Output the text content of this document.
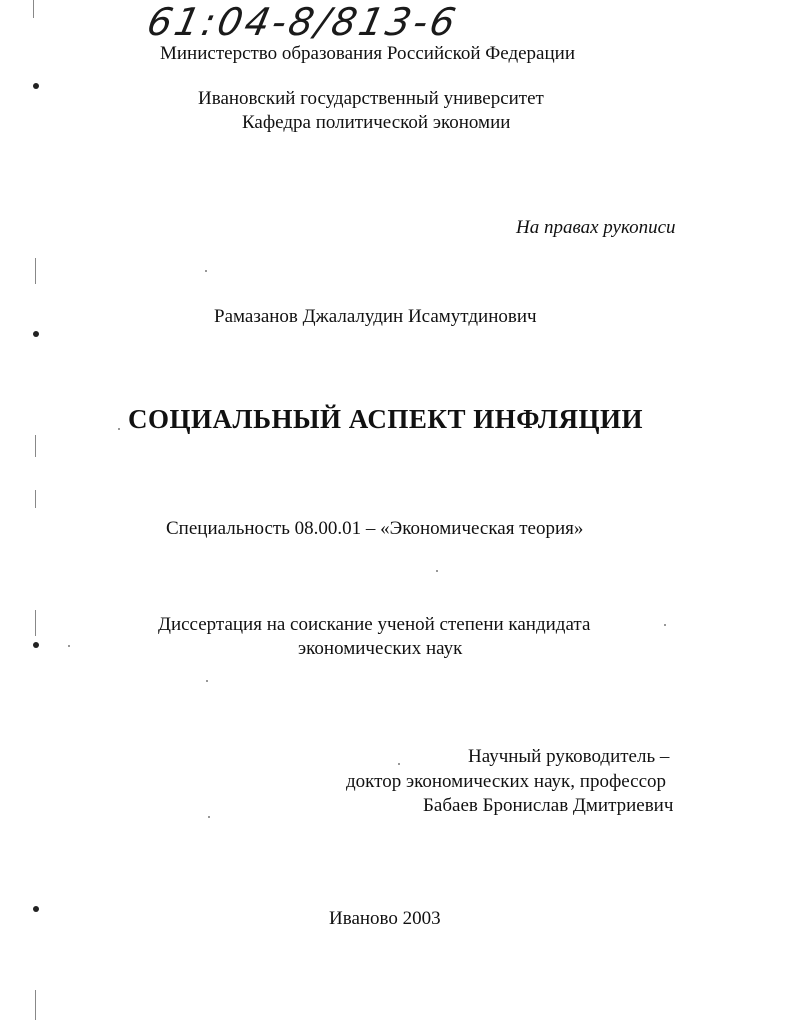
61:04-8/813-6
Министерство образования Российской Федерации
Ивановский государственный университет
Кафедра политической экономии
На правах рукописи
Рамазанов Джалалудин Исамутдинович
СОЦИАЛЬНЫЙ АСПЕКТ ИНФЛЯЦИИ
Специальность 08.00.01 – «Экономическая теория»
Диссертация на соискание ученой степени кандидата
экономических наук
Научный руководитель –
доктор экономических наук, профессор
Бабаев Бронислав Дмитриевич
Иваново 2003
